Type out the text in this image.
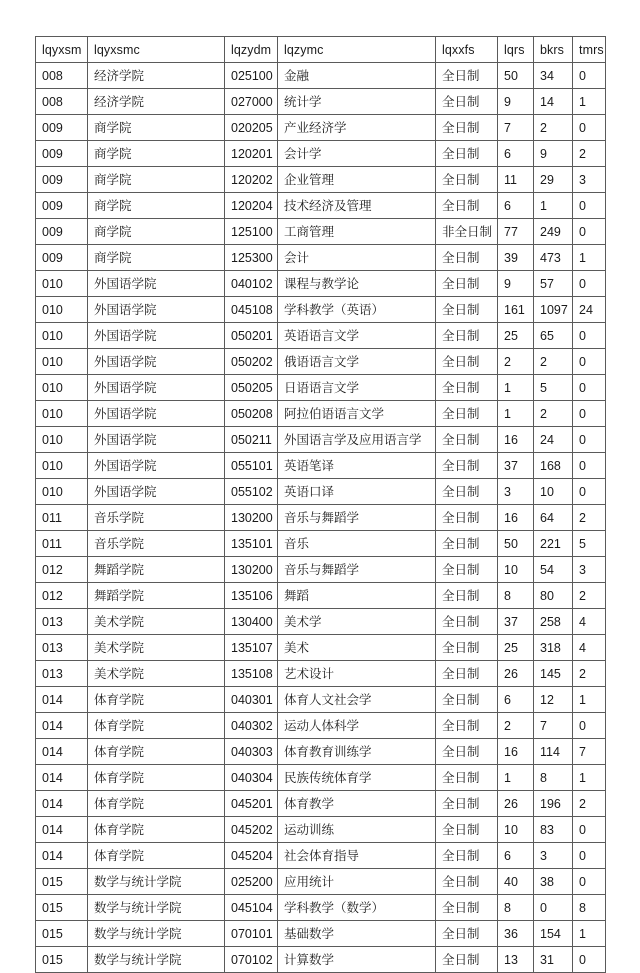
lqyxsm	lqyxsmc	lqzydm	lqzymc	lqxxfs	lqrs	bkrs	tmrs
008	经济学院	025100	金融	全日制	50	34	0
008	经济学院	027000	统计学	全日制	9	14	1
009	商学院	020205	产业经济学	全日制	7	2	0
009	商学院	120201	会计学	全日制	6	9	2
009	商学院	120202	企业管理	全日制	11	29	3
009	商学院	120204	技术经济及管理	全日制	6	1	0
009	商学院	125100	工商管理	非全日制	77	249	0
009	商学院	125300	会计	全日制	39	473	1
010	外国语学院	040102	课程与教学论	全日制	9	57	0
010	外国语学院	045108	学科教学（英语）	全日制	161	1097	24
010	外国语学院	050201	英语语言文学	全日制	25	65	0
010	外国语学院	050202	俄语语言文学	全日制	2	2	0
010	外国语学院	050205	日语语言文学	全日制	1	5	0
010	外国语学院	050208	阿拉伯语语言文学	全日制	1	2	0
010	外国语学院	050211	外国语言学及应用语言学	全日制	16	24	0
010	外国语学院	055101	英语笔译	全日制	37	168	0
010	外国语学院	055102	英语口译	全日制	3	10	0
011	音乐学院	130200	音乐与舞蹈学	全日制	16	64	2
011	音乐学院	135101	音乐	全日制	50	221	5
012	舞蹈学院	130200	音乐与舞蹈学	全日制	10	54	3
012	舞蹈学院	135106	舞蹈	全日制	8	80	2
013	美术学院	130400	美术学	全日制	37	258	4
013	美术学院	135107	美术	全日制	25	318	4
013	美术学院	135108	艺术设计	全日制	26	145	2
014	体育学院	040301	体育人文社会学	全日制	6	12	1
014	体育学院	040302	运动人体科学	全日制	2	7	0
014	体育学院	040303	体育教育训练学	全日制	16	114	7
014	体育学院	040304	民族传统体育学	全日制	1	8	1
014	体育学院	045201	体育教学	全日制	26	196	2
014	体育学院	045202	运动训练	全日制	10	83	0
014	体育学院	045204	社会体育指导	全日制	6	3	0
015	数学与统计学院	025200	应用统计	全日制	40	38	0
015	数学与统计学院	045104	学科教学（数学）	全日制	8	0	8
015	数学与统计学院	070101	基础数学	全日制	36	154	1
015	数学与统计学院	070102	计算数学	全日制	13	31	0
